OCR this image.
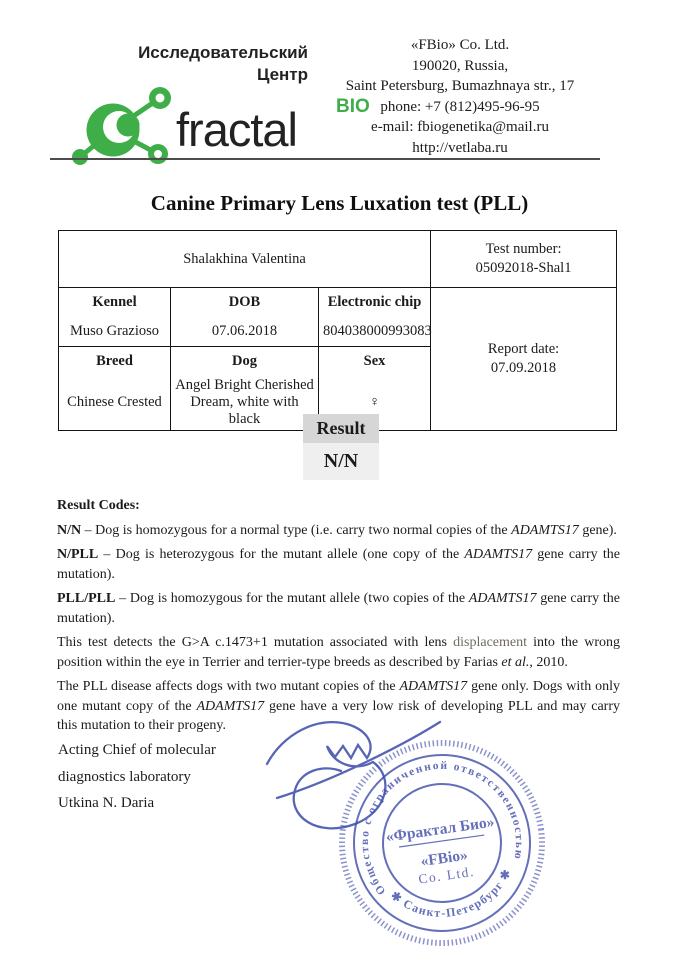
Исследовательский
Центр
fractal BIO
«FBio» Co. Ltd.
190020, Russia,
Saint Petersburg, Bumazhnaya str., 17
phone: +7 (812)495-96-95
e-mail: fbiogenetika@mail.ru
http://vetlaba.ru
Canine Primary Lens Luxation test (PLL)
Shalakhina Valentina			Test number:
05092018-Shal1

Kennel	DOB	Electronic chip	Report date:
07.09.2018

Muso Grazioso	07.06.2018	804038000993083	
Breed	Dog	Sex	
Chinese Crested	Angel Bright Cherished Dream, white with black	♀	
Result
N/N
Result Codes:

N/N – Dog is homozygous for a normal type (i.e. carry two normal copies of the ADAMTS17 gene).

N/PLL – Dog is heterozygous for the mutant allele (one copy of the ADAMTS17 gene carry the mutation).

PLL/PLL – Dog is homozygous for the mutant allele (two copies of the ADAMTS17 gene carry the mutation).

This test detects the G>A c.1473+1 mutation associated with lens displacement into the wrong position within the eye in Terrier and terrier-type breeds as described by Farias et al., 2010.

The PLL disease affects dogs with two mutant copies of the ADAMTS17 gene only. Dogs with only one mutant copy of the ADAMTS17 gene have a very low risk of developing PLL and may carry this mutation to their progeny.

Acting Chief of molecular
diagnostics laboratory
Utkina N. Daria
Общество с ограниченной ответственностью
✱ Санкт-Петербург ✱
«Фрактал Био»
«FBio»
Co. Ltd.
